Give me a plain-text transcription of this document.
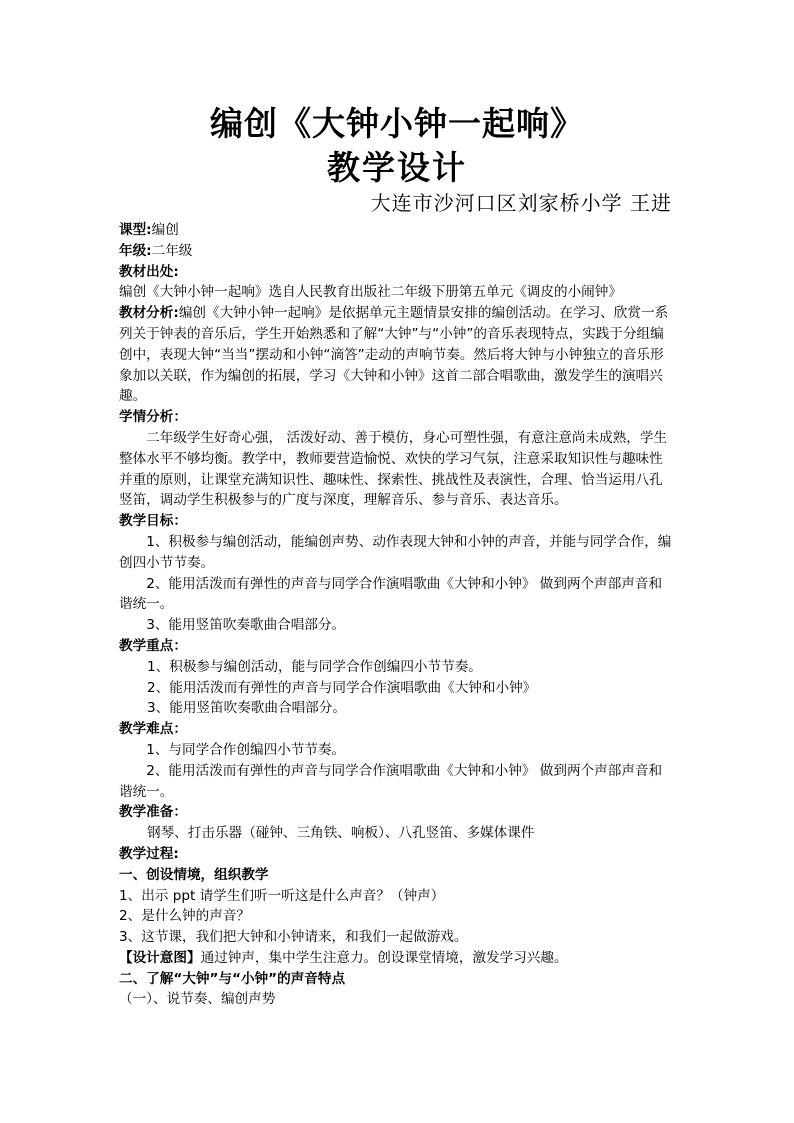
编创《大钟小钟一起响》
教学设计
大连市沙河口区刘家桥小学 王进

课型:编创

年级:二年级

教材出处:编创《大钟小钟一起响》选自人民教育出版社二年级下册第五单元《调皮的小闹钟》

教材分析:编创《大钟小钟一起响》是依据单元主题情景安排的编创活动。在学习、欣赏一系列关于钟表的音乐后，学生开始熟悉和了解“大钟”与“小钟”的音乐表现特点，实践于分组编创中，表现大钟“当当”摆动和小钟“滴答”走动的声响节奏。然后将大钟与小钟独立的音乐形象加以关联，作为编创的拓展，学习《大钟和小钟》这首二部合唱歌曲，激发学生的演唱兴趣。

学情分析：

二年级学生好奇心强， 活泼好动、善于模仿，身心可塑性强，有意注意尚未成熟，学生整体水平不够均衡。教学中，教师要营造愉悦、欢快的学习气氛，注意采取知识性与趣味性并重的原则，让课堂充满知识性、趣味性、探索性、挑战性及表演性，合理、恰当运用八孔竖笛，调动学生积极参与的广度与深度，理解音乐、参与音乐、表达音乐。

教学目标：

1、积极参与编创活动，能编创声势、动作表现大钟和小钟的声音，并能与同学合作，编创四小节节奏。

2、能用活泼而有弹性的声音与同学合作演唱歌曲《大钟和小钟》 做到两个声部声音和谐统一。

3、能用竖笛吹奏歌曲合唱部分。

教学重点：

1、积极参与编创活动，能与同学合作创编四小节节奏。

2、能用活泼而有弹性的声音与同学合作演唱歌曲《大钟和小钟》

3、能用竖笛吹奏歌曲合唱部分。

教学难点：

1、与同学合作创编四小节节奏。

2、能用活泼而有弹性的声音与同学合作演唱歌曲《大钟和小钟》 做到两个声部声音和谐统一。

教学准备：

钢琴、打击乐器（碰钟、三角铁、响板）、八孔竖笛、多媒体课件

教学过程:

一、创设情境，组织教学

1、出示 ppt 请学生们听一听这是什么声音？（钟声）

2、是什么钟的声音？

3、这节课，我们把大钟和小钟请来，和我们一起做游戏。

【设计意图】通过钟声，集中学生注意力。创设课堂情境，激发学习兴趣。

二、了解“大钟”与“小钟”的声音特点

（一）、说节奏、编创声势
